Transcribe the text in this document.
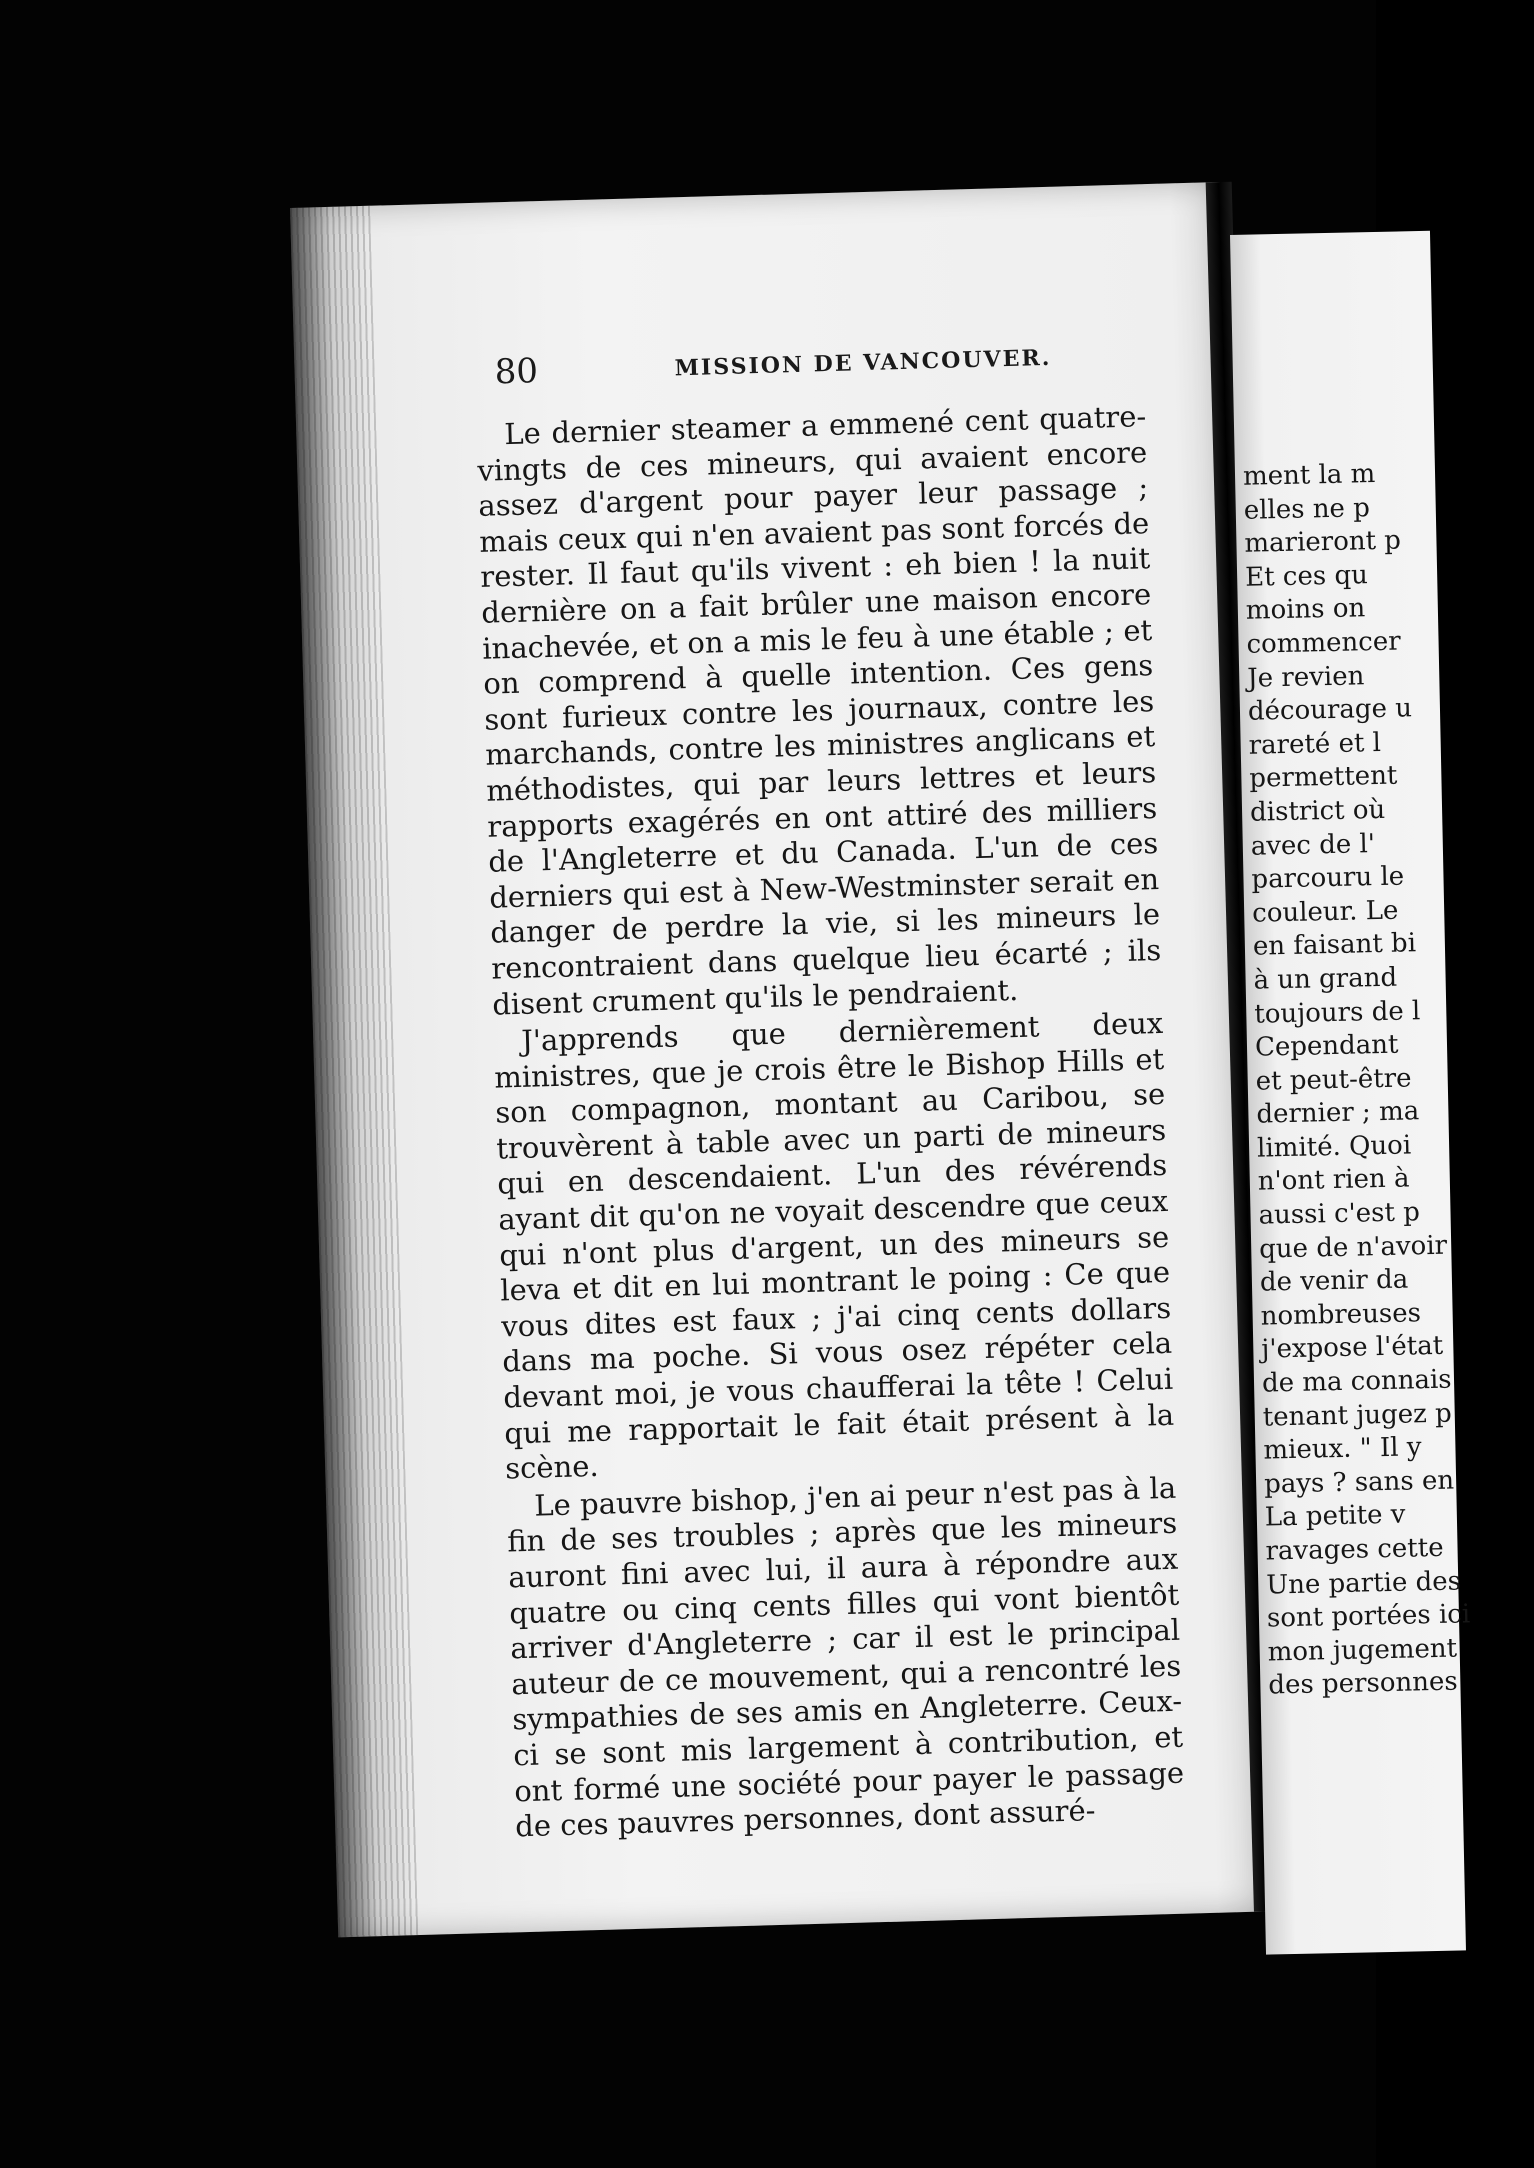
80	MISSION DE VANCOUVER.

Le dernier steamer a emmené cent quatre-vingts de ces mineurs, qui avaient encore assez d'argent pour payer leur passage ; mais ceux qui n'en avaient pas sont forcés de rester. Il faut qu'ils vivent : eh bien ! la nuit dernière on a fait brûler une maison encore inachevée, et on a mis le feu à une étable ; et on comprend à quelle intention. Ces gens sont furieux contre les journaux, contre les marchands, contre les ministres anglicans et méthodistes, qui par leurs lettres et leurs rapports exagérés en ont attiré des milliers de l'Angleterre et du Canada. L'un de ces derniers qui est à New-Westminster serait en danger de perdre la vie, si les mineurs le rencontraient dans quelque lieu écarté ; ils disent crument qu'ils le pendraient.

J'apprends que dernièrement deux ministres, que je crois être le Bishop Hills et son compagnon, montant au Caribou, se trouvèrent à table avec un parti de mineurs qui en descendaient. L'un des révérends ayant dit qu'on ne voyait descendre que ceux qui n'ont plus d'argent, un des mineurs se leva et dit en lui montrant le poing : Ce que vous dites est faux ; j'ai cinq cents dollars dans ma poche. Si vous osez répéter cela devant moi, je vous chaufferai la tête ! Celui qui me rapportait le fait était présent à la scène.

Le pauvre bishop, j'en ai peur n'est pas à la fin de ses troubles ; après que les mineurs auront fini avec lui, il aura à répondre aux quatre ou cinq cents filles qui vont bientôt arriver d'Angleterre ; car il est le principal auteur de ce mouvement, qui a rencontré les sympathies de ses amis en Angleterre. Ceux-ci se sont mis largement à contribution, et ont formé une société pour payer le passage de ces pauvres personnes, dont assuré-

ment la m
elles ne p
marieront p
Et ces qu
moins on
commencer
Je revien
décourage u
rareté et l
permettent
district où
avec de l'
parcouru le
couleur. Le
en faisant bi
à un grand
toujours de l
Cependant
et peut-être
dernier ; ma
limité. Quoi
n'ont rien à
aussi c'est p
que de n'avoir
de venir da
nombreuses
j'expose l'état
de ma connais
tenant jugez p
mieux. " Il y
pays ? sans en
La petite v
ravages cette
Une partie des
sont portées ici
mon jugement
des personnes
